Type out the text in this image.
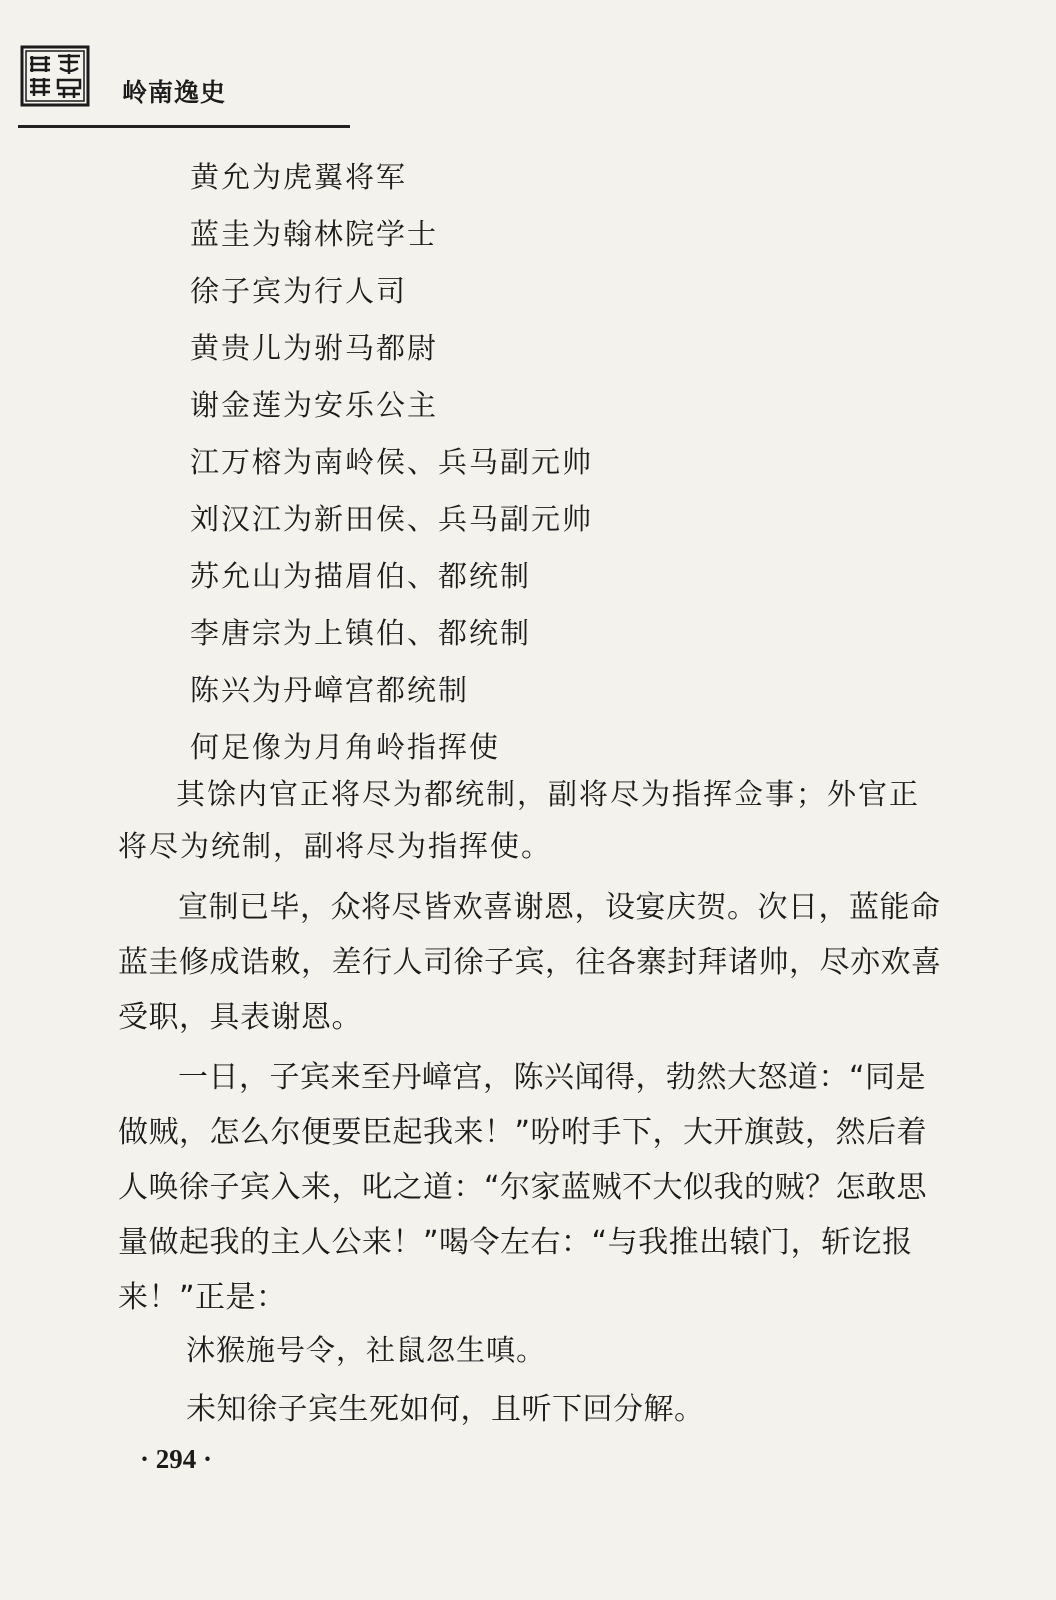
岭南逸史
黄允为虎翼将军
蓝圭为翰林院学士
徐子宾为行人司
黄贵儿为驸马都尉
谢金莲为安乐公主
江万榕为南岭侯、兵马副元帅
刘汉江为新田侯、兵马副元帅
苏允山为描眉伯、都统制
李唐宗为上镇伯、都统制
陈兴为丹嶂宫都统制
何足像为月角岭指挥使

其馀内官正将尽为都统制，副将尽为指挥佥事；外官正将尽为统制，副将尽为指挥使。

宣制已毕，众将尽皆欢喜谢恩，设宴庆贺。次日，蓝能命蓝圭修成诰敕，差行人司徐子宾，往各寨封拜诸帅，尽亦欢喜受职，具表谢恩。

一日，子宾来至丹嶂宫，陈兴闻得，勃然大怒道：“同是做贼，怎么尔便要臣起我来！”吩咐手下，大开旗鼓，然后着人唤徐子宾入来，叱之道：“尔家蓝贼不大似我的贼？怎敢思量做起我的主人公来！”喝令左右：“与我推出辕门，斩讫报来！”正是：

沐猴施号令，社鼠忽生嗔。

未知徐子宾生死如何，且听下回分解。

· 294 ·
